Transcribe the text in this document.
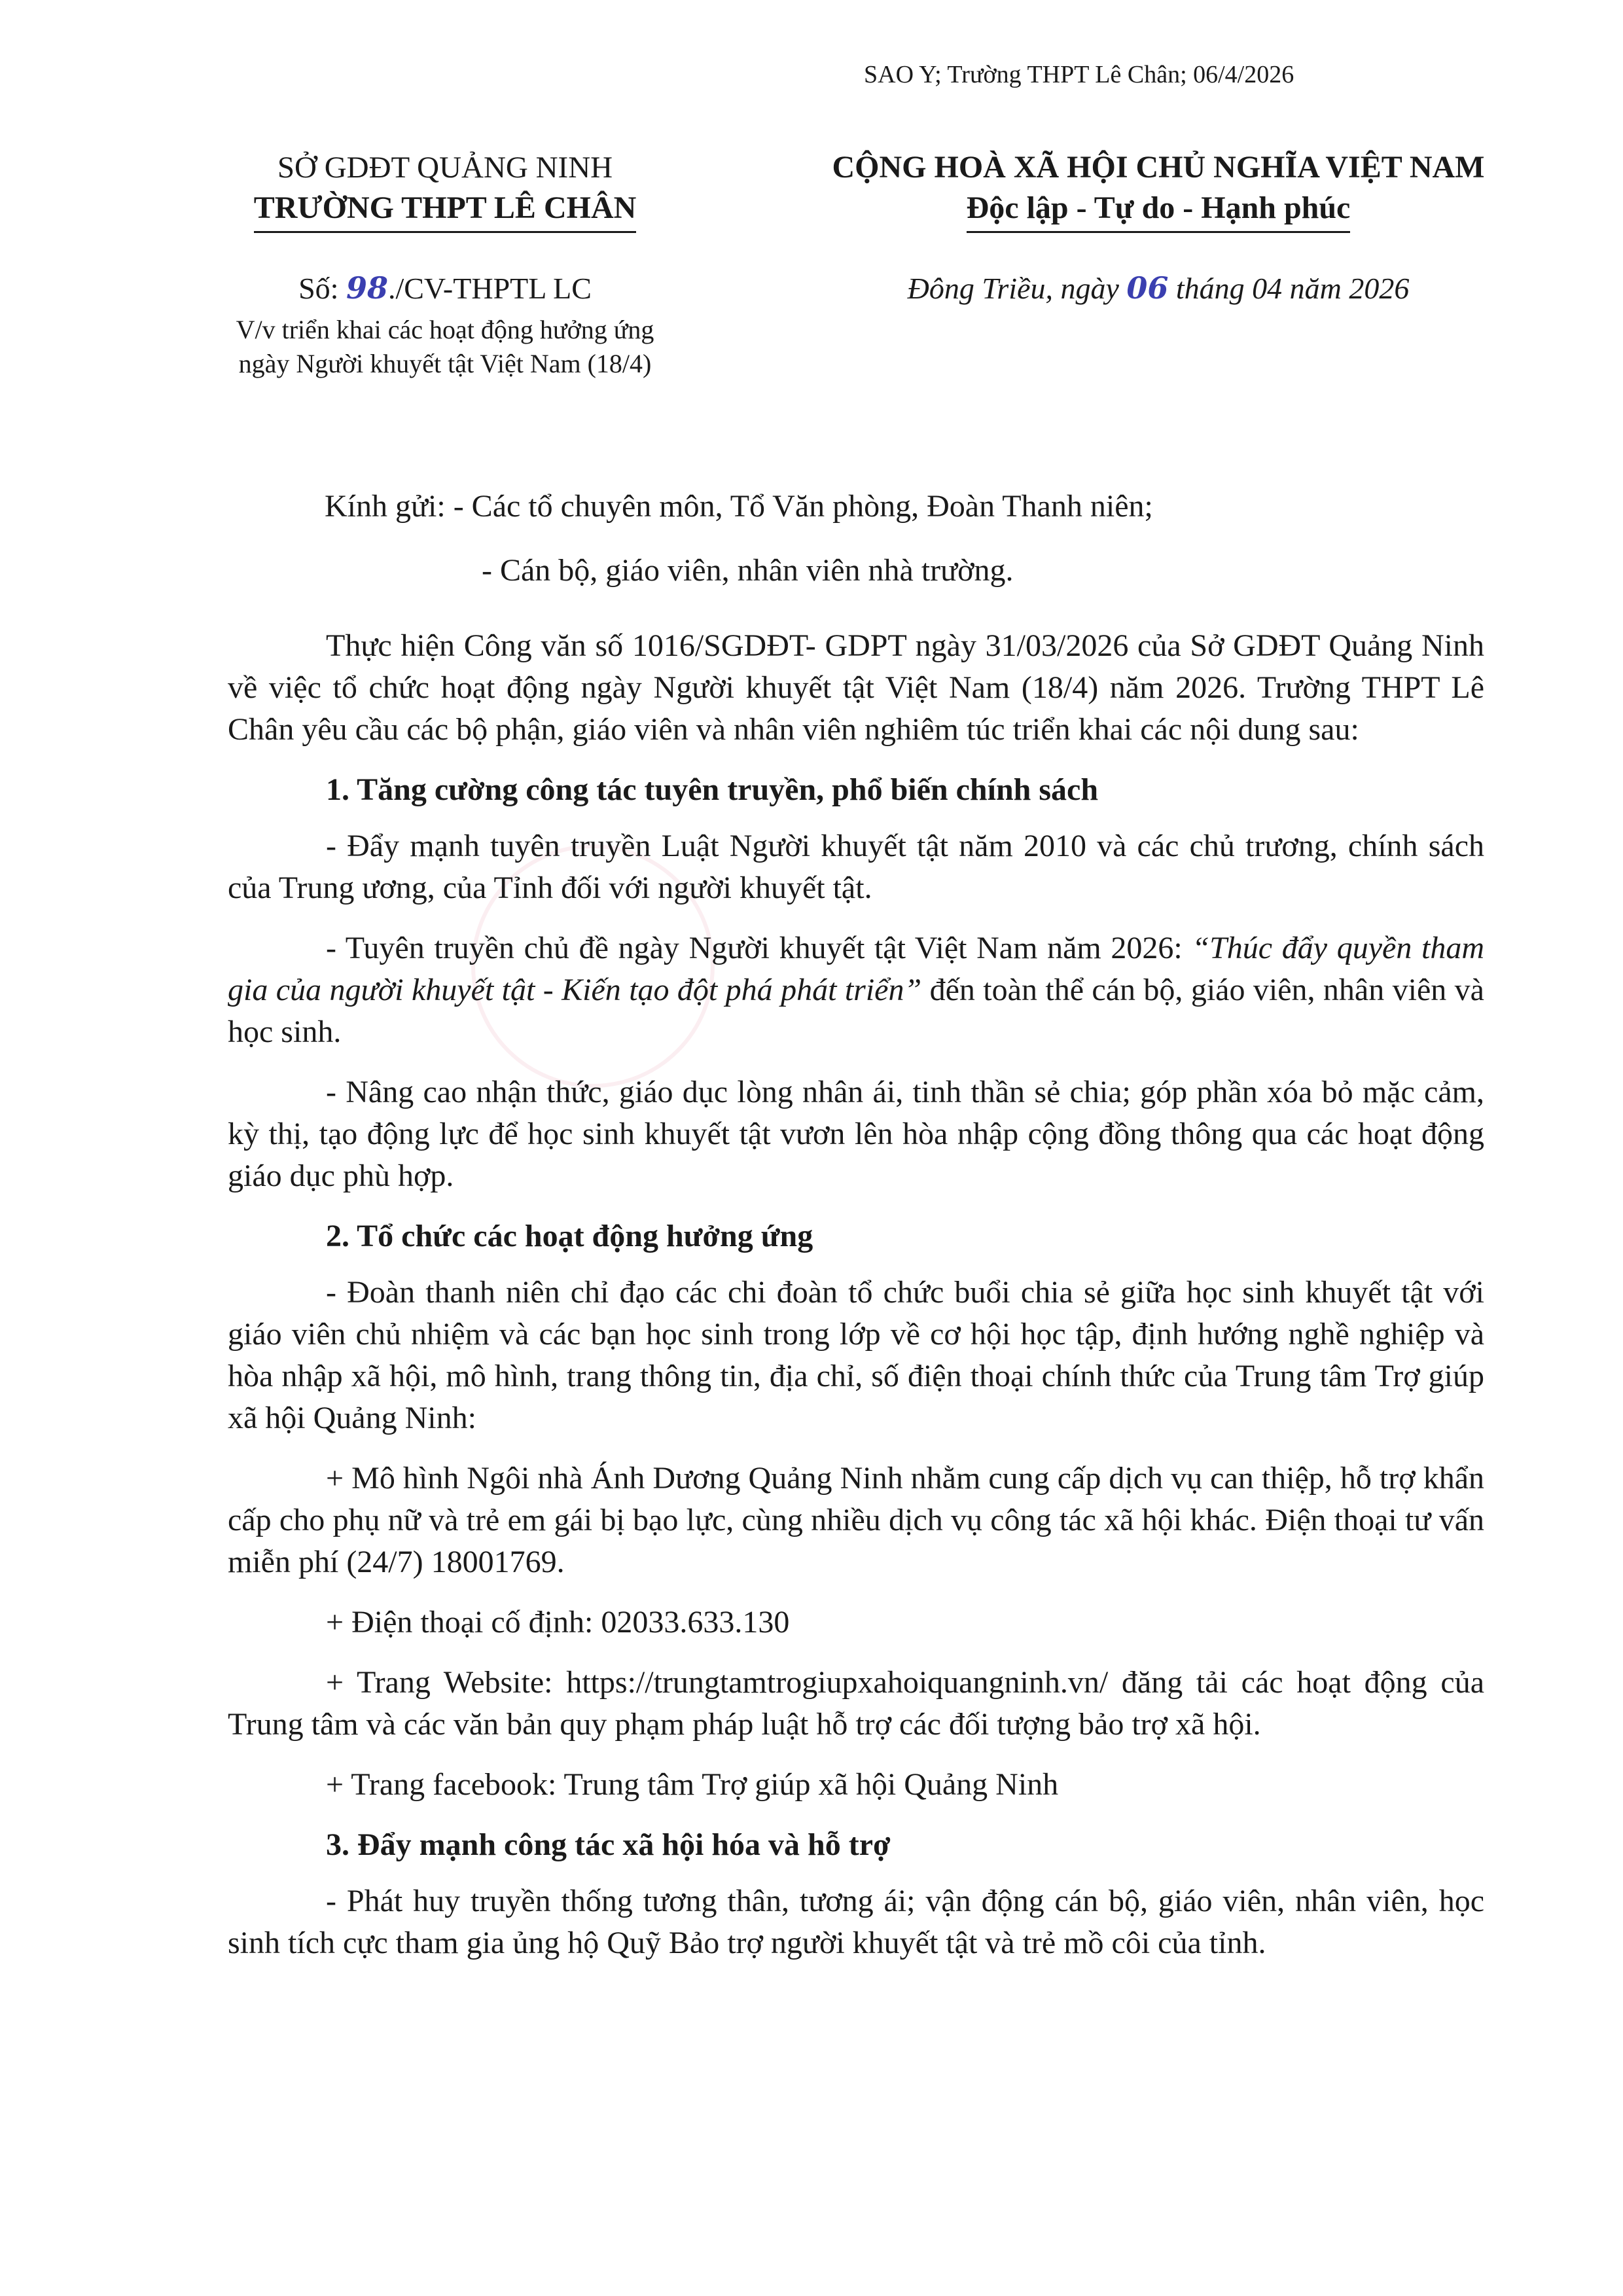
SAO Y; Trường THPT Lê Chân; 06/4/2026
SỞ GDĐT QUẢNG NINH
TRƯỜNG THPT LÊ CHÂN
CỘNG HOÀ XÃ HỘI CHỦ NGHĨA VIỆT NAM
Độc lập - Tự do - Hạnh phúc
Số: 98./CV-THPTL LC
V/v triển khai các hoạt động hưởng ứng
ngày Người khuyết tật Việt Nam (18/4)
Đông Triều, ngày 06 tháng 04 năm 2026
Kính gửi: - Các tổ chuyên môn, Tổ Văn phòng, Đoàn Thanh niên;
- Cán bộ, giáo viên, nhân viên nhà trường.

Thực hiện Công văn số 1016/SGDĐT- GDPT ngày 31/03/2026 của Sở GDĐT Quảng Ninh về việc tổ chức hoạt động ngày Người khuyết tật Việt Nam (18/4) năm 2026. Trường THPT Lê Chân yêu cầu các bộ phận, giáo viên và nhân viên nghiêm túc triển khai các nội dung sau:

1. Tăng cường công tác tuyên truyền, phổ biến chính sách

- Đẩy mạnh tuyên truyền Luật Người khuyết tật năm 2010 và các chủ trương, chính sách của Trung ương, của Tỉnh đối với người khuyết tật.

- Tuyên truyền chủ đề ngày Người khuyết tật Việt Nam năm 2026: “Thúc đẩy quyền tham gia của người khuyết tật - Kiến tạo đột phá phát triển” đến toàn thể cán bộ, giáo viên, nhân viên và học sinh.

- Nâng cao nhận thức, giáo dục lòng nhân ái, tinh thần sẻ chia; góp phần xóa bỏ mặc cảm, kỳ thị, tạo động lực để học sinh khuyết tật vươn lên hòa nhập cộng đồng thông qua các hoạt động giáo dục phù hợp.

2. Tổ chức các hoạt động hưởng ứng

- Đoàn thanh niên chỉ đạo các chi đoàn tổ chức buổi chia sẻ giữa học sinh khuyết tật với giáo viên chủ nhiệm và các bạn học sinh trong lớp về cơ hội học tập, định hướng nghề nghiệp và hòa nhập xã hội, mô hình, trang thông tin, địa chỉ, số điện thoại chính thức của Trung tâm Trợ giúp xã hội Quảng Ninh:

+ Mô hình Ngôi nhà Ánh Dương Quảng Ninh nhằm cung cấp dịch vụ can thiệp, hỗ trợ khẩn cấp cho phụ nữ và trẻ em gái bị bạo lực, cùng nhiều dịch vụ công tác xã hội khác. Điện thoại tư vấn miễn phí (24/7) 18001769.

+ Điện thoại cố định: 02033.633.130

+ Trang Website: https://trungtamtrogiupxahoiquangninh.vn/ đăng tải các hoạt động của Trung tâm và các văn bản quy phạm pháp luật hỗ trợ các đối tượng bảo trợ xã hội.

+ Trang facebook: Trung tâm Trợ giúp xã hội Quảng Ninh

3. Đẩy mạnh công tác xã hội hóa và hỗ trợ

- Phát huy truyền thống tương thân, tương ái; vận động cán bộ, giáo viên, nhân viên, học sinh tích cực tham gia ủng hộ Quỹ Bảo trợ người khuyết tật và trẻ mồ côi của tỉnh.
